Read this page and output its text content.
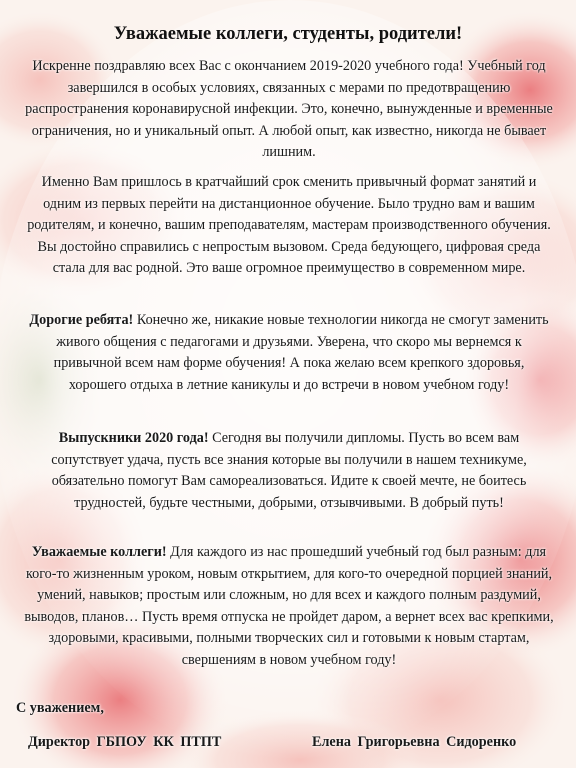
Уважаемые коллеги, студенты, родители!

Искренне поздравляю всех Вас с окончанием 2019-2020 учебного года! Учебный год завершился в особых условиях, связанных с мерами по предотвращению распространения коронавирусной инфекции. Это, конечно, вынужденные и временные ограничения, но и уникальный опыт. А любой опыт, как известно, никогда не бывает лишним.

Именно Вам пришлось в кратчайший срок сменить привычный формат занятий и одним из первых перейти на дистанционное обучение. Было трудно вам и вашим родителям, и конечно, вашим преподавателям, мастерам производственного обучения. Вы достойно справились с непростым вызовом. Среда бедующего, цифровая среда стала для вас родной. Это ваше огромное преимущество в современном мире.

Дорогие ребята! Конечно же, никакие новые технологии никогда не смогут заменить живого общения с педагогами и друзьями. Уверена, что скоро мы вернемся к привычной всем нам форме обучения! А пока желаю всем крепкого здоровья, хорошего отдыха в летние каникулы и до встречи в новом учебном году!

Выпускники 2020 года! Сегодня вы получили дипломы. Пусть во всем вам сопутствует удача, пусть все знания которые вы получили в нашем техникуме, обязательно помогут Вам самореализоваться. Идите к своей мечте, не боитесь трудностей, будьте честными, добрыми, отзывчивыми. В добрый путь!

Уважаемые коллеги! Для каждого из нас прошедший учебный год был разным: для кого-то жизненным уроком, новым открытием, для кого-то очередной порцией знаний, умений, навыков; простым или сложным, но для всех и каждого полным раздумий, выводов, планов… Пусть время отпуска не пройдет даром, а вернет всех вас крепкими, здоровыми, красивыми, полными творческих сил и готовыми к новым стартам, свершениям в новом учебном году!

С уважением,
Директор ГБПОУ КК ПТПТ	Елена Григорьевна Сидоренко
